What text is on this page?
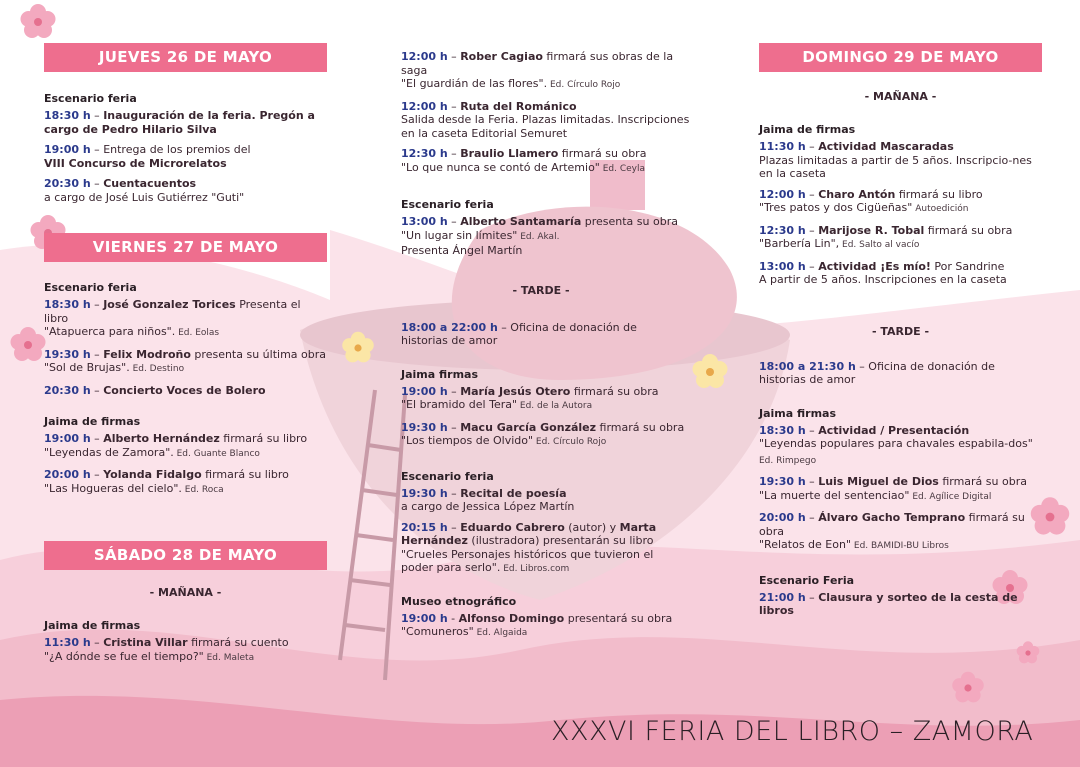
JUEVES 26 DE MAYO
Escenario feria
18:30 h – Inauguración de la feria. Pregón a cargo de Pedro Hilario Silva
19:00 h – Entrega de los premios del
VIII Concurso de Microrelatos
20:30 h – Cuentacuentos
a cargo de José Luis Gutiérrez "Guti"
VIERNES 27 DE MAYO
Escenario feria
18:30 h – José Gonzalez Torices Presenta el libro
"Atapuerca para niños". Ed. Eolas
19:30 h – Felix Modroño presenta su última obra
"Sol de Brujas". Ed. Destino
20:30 h – Concierto Voces de Bolero
Jaima de firmas
19:00 h – Alberto Hernández firmará su libro
"Leyendas de Zamora". Ed. Guante Blanco
20:00 h – Yolanda Fidalgo firmará su libro
"Las Hogueras del cielo". Ed. Roca
SÁBADO 28 DE MAYO
- MAÑANA -
Jaima de firmas
11:30 h – Cristina Villar firmará su cuento
"¿A dónde se fue el tiempo?" Ed. Maleta
12:00 h – Rober Cagiao firmará sus obras de la saga
"El guardián de las flores". Ed. Círculo Rojo
12:00 h – Ruta del Románico
Salida desde la Feria. Plazas limitadas. Inscripciones en la caseta Editorial Semuret
12:30 h – Braulio Llamero firmará su obra
"Lo que nunca se contó de Artemio" Ed. Ceyla
Escenario feria
13:00 h – Alberto Santamaría presenta su obra
"Un lugar sin límites" Ed. Akal.
Presenta Ángel Martín
- TARDE -
18:00 a 22:00 h – Oficina de donación de historias de amor
Jaima firmas
19:00 h – María Jesús Otero firmará su obra
"El bramido del Tera" Ed. de la Autora
19:30 h – Macu García González firmará su obra
"Los tiempos de Olvido" Ed. Círculo Rojo
Escenario feria
19:30 h – Recital de poesía
a cargo de Jessica López Martín
20:15 h – Eduardo Cabrero (autor) y Marta Hernández (ilustradora) presentarán su libro "Crueles Personajes históricos que tuvieron el poder para serlo". Ed. Libros.com
Museo etnográfico
19:00 h - Alfonso Domingo presentará su obra
"Comuneros" Ed. Algaida
DOMINGO 29 DE MAYO
- MAÑANA -
Jaima de firmas
11:30 h – Actividad Mascaradas
Plazas limitadas a partir de 5 años. Inscripcio-nes en la caseta
12:00 h – Charo Antón firmará su libro
"Tres patos y dos Cigüeñas" Autoedición
12:30 h – Marijose R. Tobal firmará su obra
"Barbería Lin", Ed. Salto al vacío
13:00 h – Actividad ¡Es mío! Por Sandrine
A partir de 5 años. Inscripciones en la caseta
- TARDE -
18:00 a 21:30 h – Oficina de donación de historias de amor
Jaima firmas
18:30 h – Actividad / Presentación
"Leyendas populares para chavales espabila-dos" Ed. Rimpego
19:30 h – Luis Miguel de Dios firmará su obra
"La muerte del sentenciao" Ed. Agílice Digital
20:00 h – Álvaro Gacho Temprano firmará su obra
"Relatos de Eon" Ed. BAMIDI-BU Libros
Escenario Feria
21:00 h – Clausura y sorteo de la cesta de libros
XXXVI FERIA DEL LIBRO – ZAMORA
